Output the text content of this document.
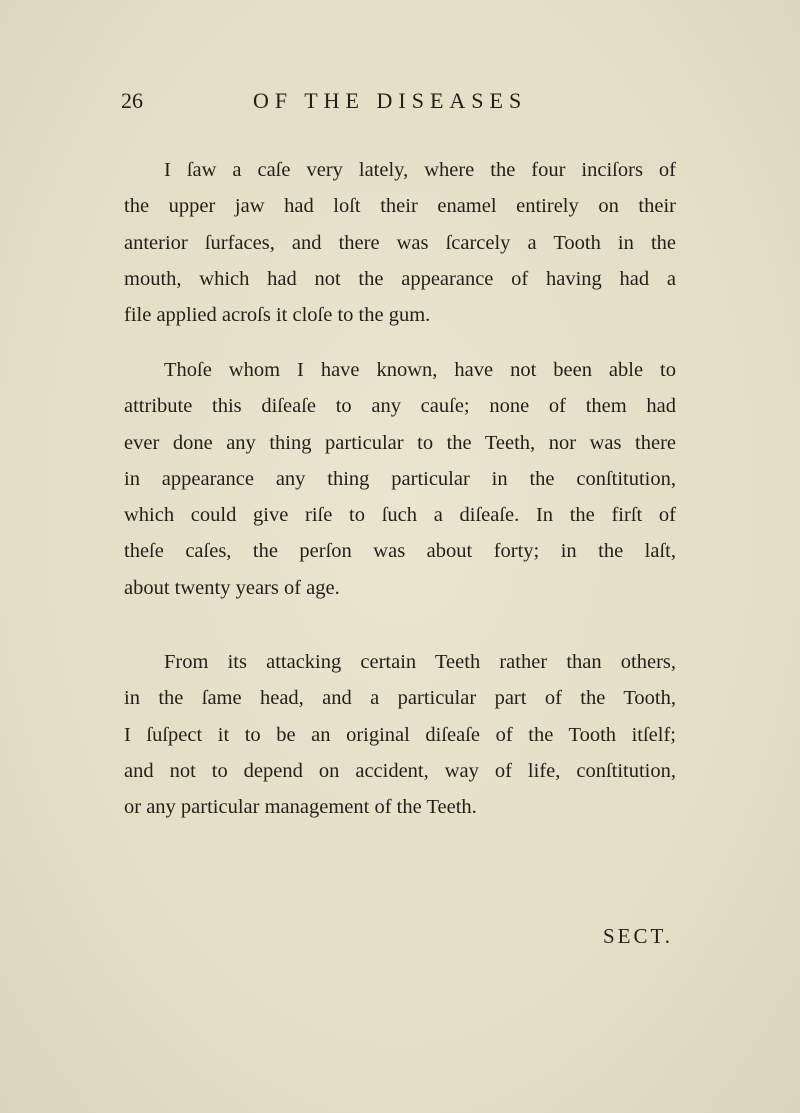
26	OF THE DISEASES
I ſaw a caſe very lately, where the four inciſors of
the upper jaw had loſt their enamel entirely on their
anterior ſurfaces, and there was ſcarcely a Tooth in the
mouth, which had not the appearance of having had a
file applied acroſs it cloſe to the gum.
Thoſe whom I have known, have not been able to
attribute this diſeaſe to any cauſe; none of them had
ever done any thing particular to the Teeth, nor was there
in appearance any thing particular in the conſtitution,
which could give riſe to ſuch a diſeaſe. In the firſt of
theſe caſes, the perſon was about forty; in the laſt,
about twenty years of age.
From its attacking certain Teeth rather than others,
in the ſame head, and a particular part of the Tooth,
I ſuſpect it to be an original diſeaſe of the Tooth itſelf;
and not to depend on accident, way of life, conſtitution,
or any particular management of the Teeth.
SECT.
